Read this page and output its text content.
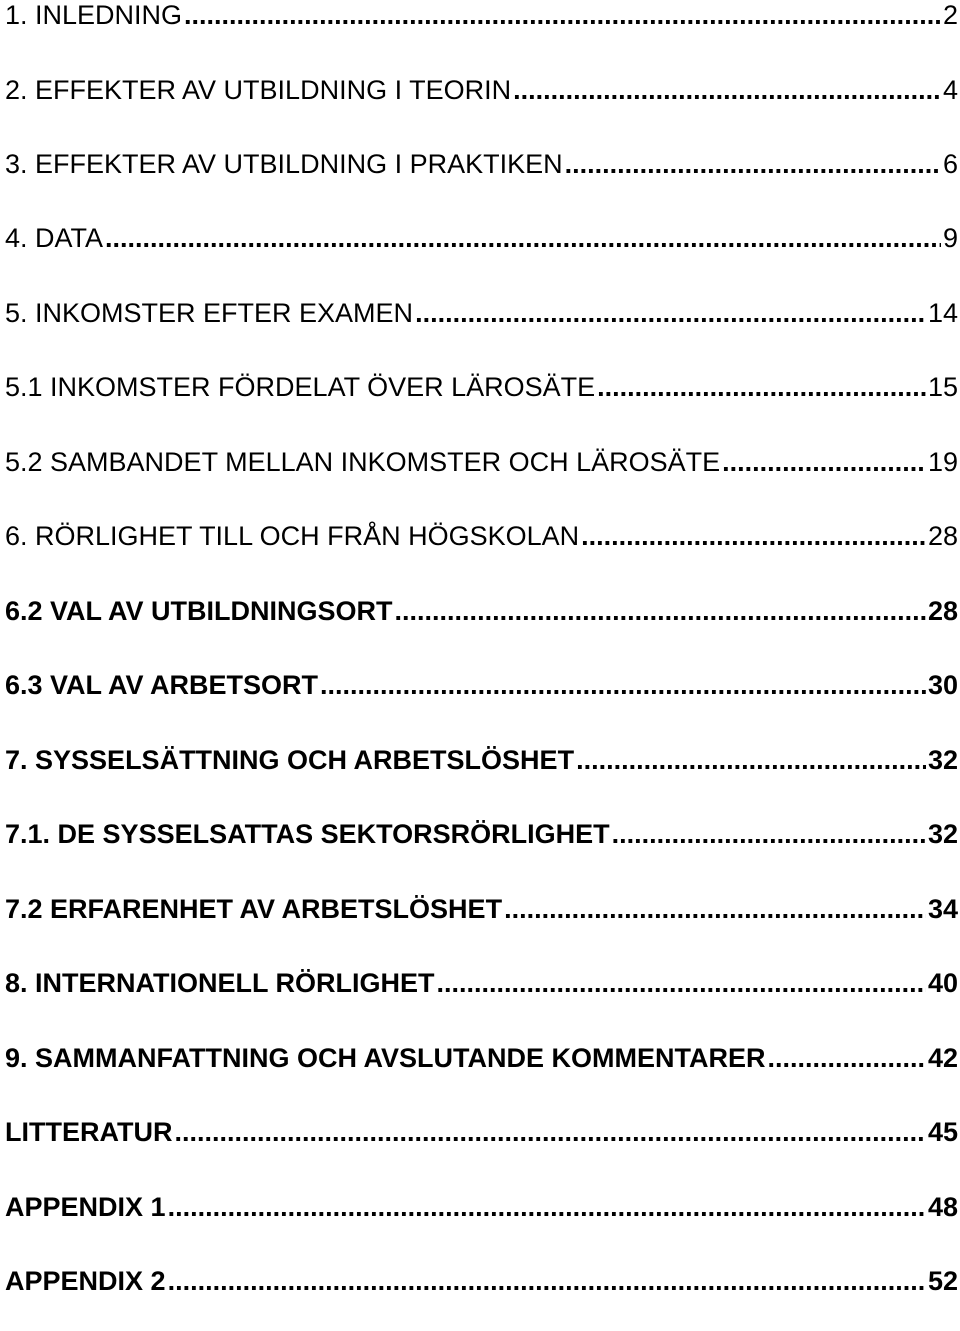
1. INLEDNING .....	2
2. EFFEKTER AV UTBILDNING I TEORIN .....	4
3. EFFEKTER AV UTBILDNING I PRAKTIKEN .....	6
4. DATA .....	9
5. INKOMSTER EFTER EXAMEN .....	14
5.1 INKOMSTER FÖRDELAT ÖVER LÄROSÄTE .....	15
5.2 SAMBANDET MELLAN INKOMSTER OCH LÄROSÄTE .....	19
6. RÖRLIGHET TILL OCH FRÅN HÖGSKOLAN .....	28
6.2 VAL AV UTBILDNINGSORT .....	28
6.3 VAL AV ARBETSORT .....	30
7. SYSSELSÄTTNING OCH ARBETSLÖSHET .....	32
7.1. DE SYSSELSATTAS SEKTORSRÖRLIGHET .....	32
7.2 ERFARENHET AV ARBETSLÖSHET .....	34
8. INTERNATIONELL RÖRLIGHET .....	40
9. SAMMANFATTNING OCH AVSLUTANDE KOMMENTARER .....	42
LITTERATUR .....	45
APPENDIX 1 .....	48
APPENDIX 2 .....	52
